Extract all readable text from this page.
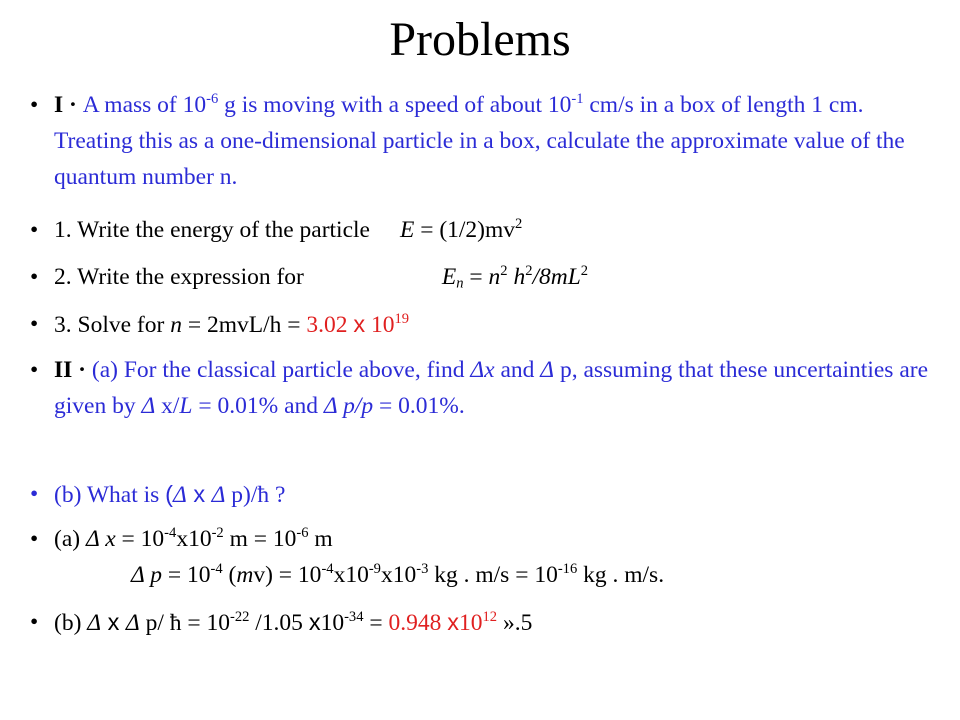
Problems
• I · A mass of $10^{-6}$ g is moving with a speed of about $10^{-1}$ cm/s in a box of length 1 cm. Treating this as a one-dimensional particle in a box, calculate the approximate value of the quantum number n.
• 1. Write the energy of the particle $E = (1/2)mv^2$
• 2. Write the expression for	$E_n = n^2$ $h^2/8mL^2$
• 3. Solve for n = 2mvL/h = 3.02 x $10^{19}$
• II · (a) For the classical particle above, find Δx and Δ p, assuming that these uncertainties are given by Δ x/L = 0.01% and Δ p/p = 0.01%.
• (b) What is (Δ x Δ p)/ħ ?
• (a) Δ $x = 10^{-4}x10^{-2}$ $m = 10^{-6}$ m
Δ $p = 10^{-4}$ $(mv) = 10^{-4}x10^{-9}x10^{-3}$ kg . $m/s = 10^{-16}$ kg . m/s.
• (b) Δ x Δ p/ ħ = $10^{-22}$ /1.05 $x10^{-34} = 0.948$ $x10^{12}$ ».5
